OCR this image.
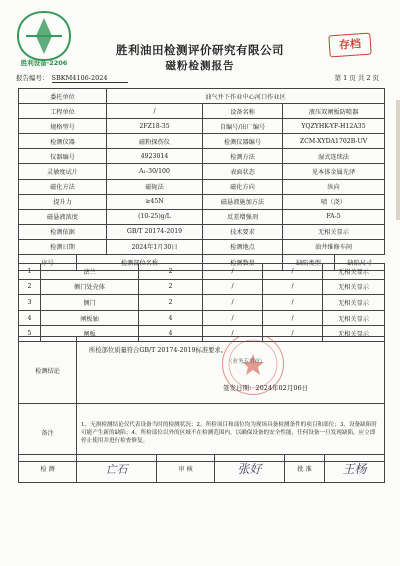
胜利设备·2206
胜利油田检测评价研究有限公司
磁粉检测报告
存档
报告编号： SBKM4106-2024	第 1 页 共 2 页
委托单位		油气井下作业中心河口作业区			
工程单位		/	设备名称	液压双闸板防喷器	
规格型号		2FZ18-35	自编号/出厂编号	YQZYHK-YF-H12A35	
检测仪器		磁粉探伤仪	检测仪器编号	ZCM-XYDA1702B-UV	
仪器编号		4923014	检测方法	湿式连续法	
灵敏度试片		A₁-30/100	表面状态	见本体金属光泽	
磁化方法		磁轭法	磁化方向	纵向	
提升力		≥45N	磁悬液施加方法	喷（浇）	
磁悬液浓度		(10-25)g/L	反差增强剂	FA-5	
检测依据		GB/T 20174-2019	技术要求	无相关显示	
检测日期		2024年1月30日	检测地点	油井维修车间	
序号	检测部位名称		检测数量	缺陷类型	缺陷尺寸
1	法兰	2	/	/	无相关显示
2	侧门处壳体	2	/	/	无相关显示
3	侧门	2	/	/	无相关显示
4	闸板轴	4	/	/	无相关显示
5	闸板	4	/	/	无相关显示
检测结论	所检部位质量符合GB/T 20174-2019标准要求。
（业务专用章）
签发日期：2024年02月06日

备注	1、无损检测结论仅代表设备当时的检测状况；2、所检项目和部位均为现场具备检测条件的项目和部位；3、设备缺陷时可能产生新的缺陷；4、所检部位以外的区域不在检测范围内，以确保设备的安全性能，任何设备一旦发现缺陷，应立即停止使用并进行检查修复。
检 测	亡石	审 核	张好	批 准	王杨
